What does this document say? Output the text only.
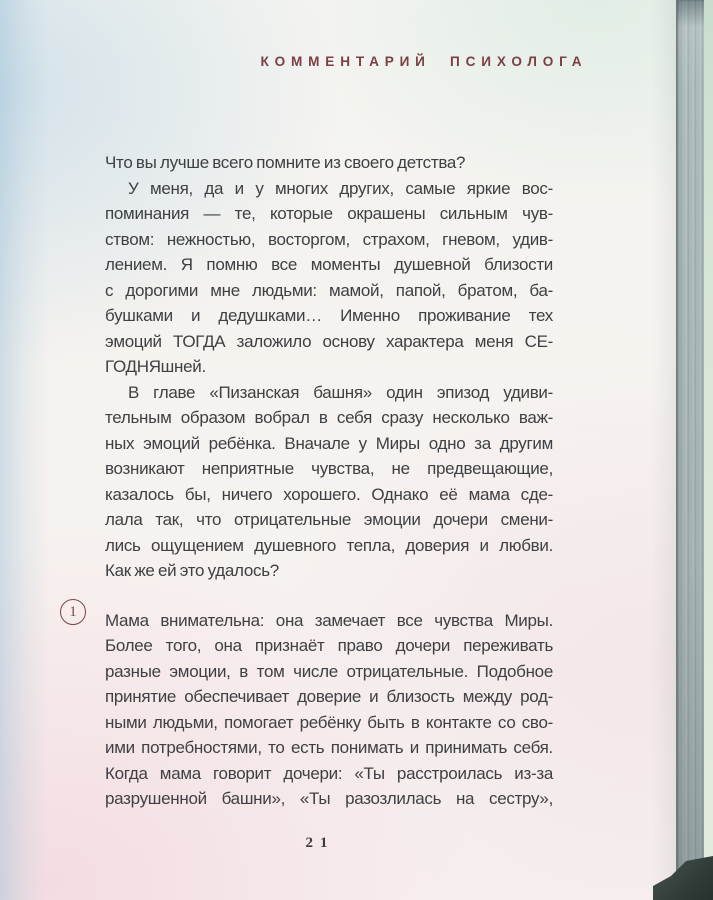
КОММЕНТАРИЙ ПСИХОЛОГА
Что вы лучше всего помните из своего детства?
У меня, да и у многих других, самые яркие вос-
поминания — те, которые окрашены сильным чув-
ством: нежностью, восторгом, страхом, гневом, удив-
лением. Я помню все моменты душевной близости
с дорогими мне людьми: мамой, папой, братом, ба-
бушками и дедушками… Именно проживание тех
эмоций ТОГДА заложило основу характера меня СЕ-
ГОДНЯшней.
В главе «Пизанская башня» один эпизод удиви-
тельным образом вобрал в себя сразу несколько важ-
ных эмоций ребёнка. Вначале у Миры одно за другим
возникают неприятные чувства, не предвещающие,
казалось бы, ничего хорошего. Однако её мама сде-
лала так, что отрицательные эмоции дочери смени-
лись ощущением душевного тепла, доверия и любви.
Как же ей это удалось?
Мама внимательна: она замечает все чувства Миры.
Более того, она признаёт право дочери переживать
разные эмоции, в том числе отрицательные. Подобное
принятие обеспечивает доверие и близость между род-
ными людьми, помогает ребёнку быть в контакте со сво-
ими потребностями, то есть понимать и принимать себя.
Когда мама говорит дочери: «Ты расстроилась из-за
разрушенной башни», «Ты разозлилась на сестру»,
1
21
